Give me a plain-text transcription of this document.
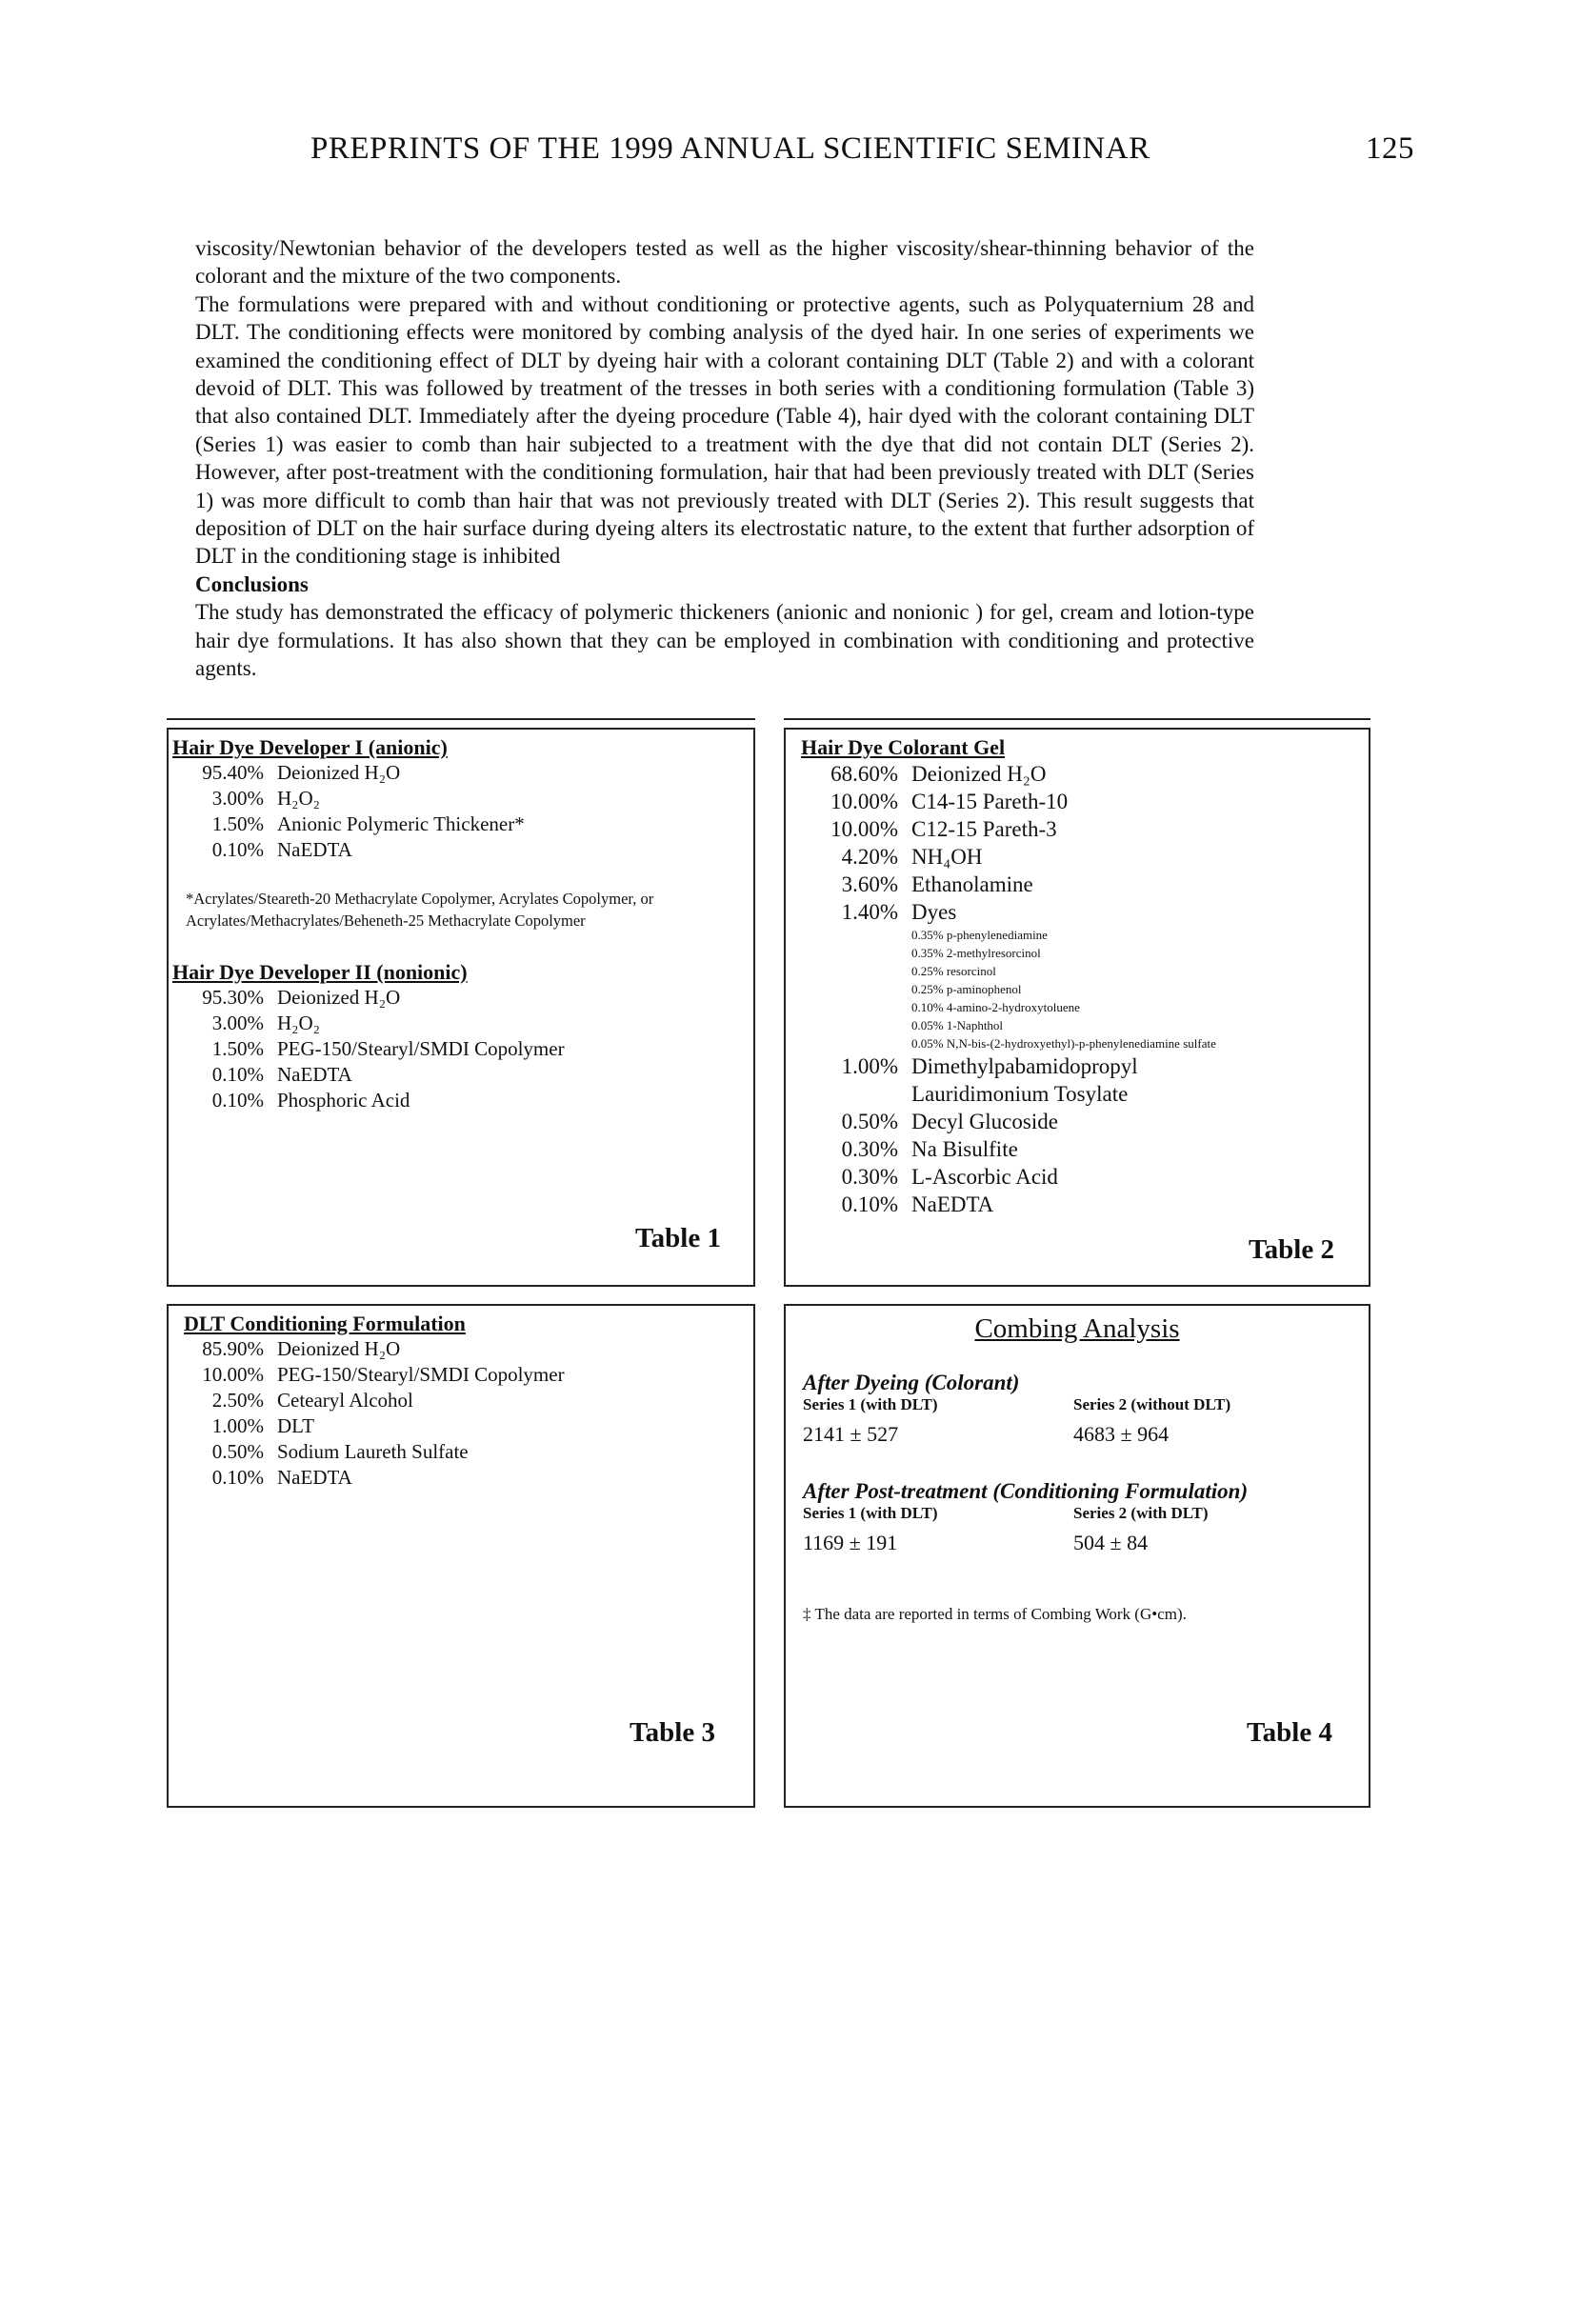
PREPRINTS OF THE 1999 ANNUAL SCIENTIFIC SEMINAR	125

viscosity/Newtonian behavior of the developers tested as well as the higher viscosity/shear-thinning behavior of the colorant and the mixture of the two components.

The formulations were prepared with and without conditioning or protective agents, such as Polyquaternium 28 and DLT. The conditioning effects were monitored by combing analysis of the dyed hair. In one series of experiments we examined the conditioning effect of DLT by dyeing hair with a colorant containing DLT (Table 2) and with a colorant devoid of DLT. This was followed by treatment of the tresses in both series with a conditioning formulation (Table 3) that also contained DLT. Immediately after the dyeing procedure (Table 4), hair dyed with the colorant containing DLT (Series 1) was easier to comb than hair subjected to a treatment with the dye that did not contain DLT (Series 2). However, after post-treatment with the conditioning formulation, hair that had been previously treated with DLT (Series 1) was more difficult to comb than hair that was not previously treated with DLT (Series 2). This result suggests that deposition of DLT on the hair surface during dyeing alters its electrostatic nature, to the extent that further adsorption of DLT in the conditioning stage is inhibited

Conclusions

The study has demonstrated the efficacy of polymeric thickeners (anionic and nonionic ) for gel, cream and lotion-type hair dye formulations. It has also shown that they can be employed in combination with conditioning and protective agents.

Hair Dye Developer I (anionic)
95.40% Deionized H₂O
3.00% H₂O₂
1.50% Anionic Polymeric Thickener*
0.10% NaEDTA
*Acrylates/Steareth-20 Methacrylate Copolymer, Acrylates Copolymer, or Acrylates/Methacrylates/Beheneth-25 Methacrylate Copolymer
Hair Dye Developer II (nonionic)
95.30% Deionized H₂O
3.00% H₂O₂
1.50% PEG-150/Stearyl/SMDI Copolymer
0.10% NaEDTA
0.10% Phosphoric Acid
Table 1
Hair Dye Colorant Gel
68.60% Deionized H₂O
10.00% C14-15 Pareth-10
10.00% C12-15 Pareth-3
4.20% NH₄OH
3.60% Ethanolamine
1.40% Dyes
0.35% p-phenylenediamine
0.35% 2-methylresorcinol
0.25% resorcinol
0.25% p-aminophenol
0.10% 4-amino-2-hydroxytoluene
0.05% 1-Naphthol
0.05% N,N-bis-(2-hydroxyethyl)-p-phenylenediamine sulfate
1.00% Dimethylpabamidopropyl Lauridimonium Tosylate
0.50% Decyl Glucoside
0.30% Na Bisulfite
0.30% L-Ascorbic Acid
0.10% NaEDTA
Table 2
DLT Conditioning Formulation
85.90% Deionized H₂O
10.00% PEG-150/Stearyl/SMDI Copolymer
2.50% Cetearyl Alcohol
1.00% DLT
0.50% Sodium Laureth Sulfate
0.10% NaEDTA
Table 3
Combing Analysis
After Dyeing (Colorant)
Series 1 (with DLT)	Series 2 (without DLT)
2141 ± 527	4683 ± 964
After Post-treatment (Conditioning Formulation)
Series 1 (with DLT)	Series 2 (with DLT)
1169 ± 191	504 ± 84
‡ The data are reported in terms of Combing Work (G•cm).
Table 4
